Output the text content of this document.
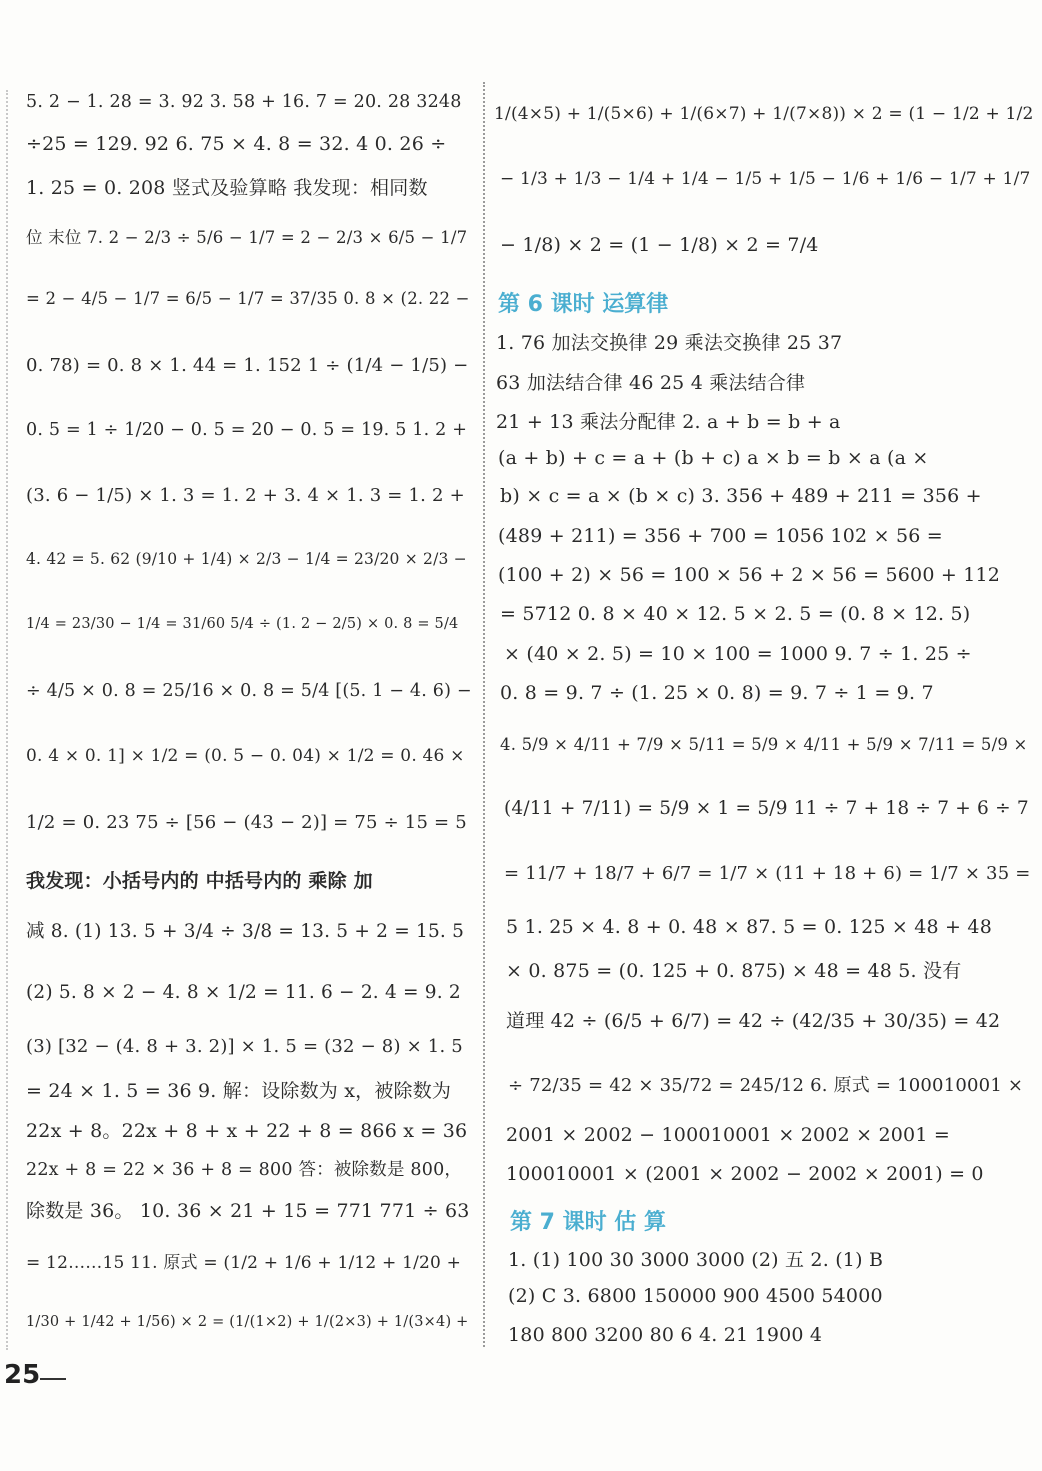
5. 2 − 1. 28 = 3. 92 3. 58 + 16. 7 = 20. 28 3248
÷25 = 129. 92 6. 75 × 4. 8 = 32. 4 0. 26 ÷
1. 25 = 0. 208 竖式及验算略 我发现：相同数
位 末位 7. 2 − 2/3 ÷ 5/6 − 1/7 = 2 − 2/3 × 6/5 − 1/7
= 2 − 4/5 − 1/7 = 6/5 − 1/7 = 37/35 0. 8 × (2. 22 −
0. 78) = 0. 8 × 1. 44 = 1. 152 1 ÷ (1/4 − 1/5) −
0. 5 = 1 ÷ 1/20 − 0. 5 = 20 − 0. 5 = 19. 5 1. 2 +
(3. 6 − 1/5) × 1. 3 = 1. 2 + 3. 4 × 1. 3 = 1. 2 +
4. 42 = 5. 62 (9/10 + 1/4) × 2/3 − 1/4 = 23/20 × 2/3 −
1/4 = 23/30 − 1/4 = 31/60 5/4 ÷ (1. 2 − 2/5) × 0. 8 = 5/4
÷ 4/5 × 0. 8 = 25/16 × 0. 8 = 5/4 [(5. 1 − 4. 6) −
0. 4 × 0. 1] × 1/2 = (0. 5 − 0. 04) × 1/2 = 0. 46 ×
1/2 = 0. 23 75 ÷ [56 − (43 − 2)] = 75 ÷ 15 = 5
我发现：小括号内的 中括号内的 乘除 加
减 8. (1) 13. 5 + 3/4 ÷ 3/8 = 13. 5 + 2 = 15. 5
(2) 5. 8 × 2 − 4. 8 × 1/2 = 11. 6 − 2. 4 = 9. 2
(3) [32 − (4. 8 + 3. 2)] × 1. 5 = (32 − 8) × 1. 5
= 24 × 1. 5 = 36 9. 解：设除数为 x，被除数为
22x + 8。22x + 8 + x + 22 + 8 = 866 x = 36
22x + 8 = 22 × 36 + 8 = 800 答：被除数是 800，
除数是 36。 10. 36 × 21 + 15 = 771 771 ÷ 63
= 12……15 11. 原式 = (1/2 + 1/6 + 1/12 + 1/20 +
1/30 + 1/42 + 1/56) × 2 = (1/(1×2) + 1/(2×3) + 1/(3×4) +
1/(4×5) + 1/(5×6) + 1/(6×7) + 1/(7×8)) × 2 = (1 − 1/2 + 1/2
− 1/3 + 1/3 − 1/4 + 1/4 − 1/5 + 1/5 − 1/6 + 1/6 − 1/7 + 1/7
− 1/8) × 2 = (1 − 1/8) × 2 = 7/4
第 6 课时 运算律
1. 76 加法交换律 29 乘法交换律 25 37
63 加法结合律 46 25 4 乘法结合律
21 + 13 乘法分配律 2. a + b = b + a
(a + b) + c = a + (b + c) a × b = b × a (a ×
b) × c = a × (b × c) 3. 356 + 489 + 211 = 356 +
(489 + 211) = 356 + 700 = 1056 102 × 56 =
(100 + 2) × 56 = 100 × 56 + 2 × 56 = 5600 + 112
= 5712 0. 8 × 40 × 12. 5 × 2. 5 = (0. 8 × 12. 5)
× (40 × 2. 5) = 10 × 100 = 1000 9. 7 ÷ 1. 25 ÷
0. 8 = 9. 7 ÷ (1. 25 × 0. 8) = 9. 7 ÷ 1 = 9. 7
4. 5/9 × 4/11 + 7/9 × 5/11 = 5/9 × 4/11 + 5/9 × 7/11 = 5/9 ×
(4/11 + 7/11) = 5/9 × 1 = 5/9 11 ÷ 7 + 18 ÷ 7 + 6 ÷ 7
= 11/7 + 18/7 + 6/7 = 1/7 × (11 + 18 + 6) = 1/7 × 35 =
5 1. 25 × 4. 8 + 0. 48 × 87. 5 = 0. 125 × 48 + 48
× 0. 875 = (0. 125 + 0. 875) × 48 = 48 5. 没有
道理 42 ÷ (6/5 + 6/7) = 42 ÷ (42/35 + 30/35) = 42
÷ 72/35 = 42 × 35/72 = 245/12 6. 原式 = 100010001 ×
2001 × 2002 − 100010001 × 2002 × 2001 =
100010001 × (2001 × 2002 − 2002 × 2001) = 0
第 7 课时 估 算
1. (1) 100 30 3000 3000 (2) 五 2. (1) B
(2) C 3. 6800 150000 900 4500 54000
180 800 3200 80 6 4. 21 1900 4
25
